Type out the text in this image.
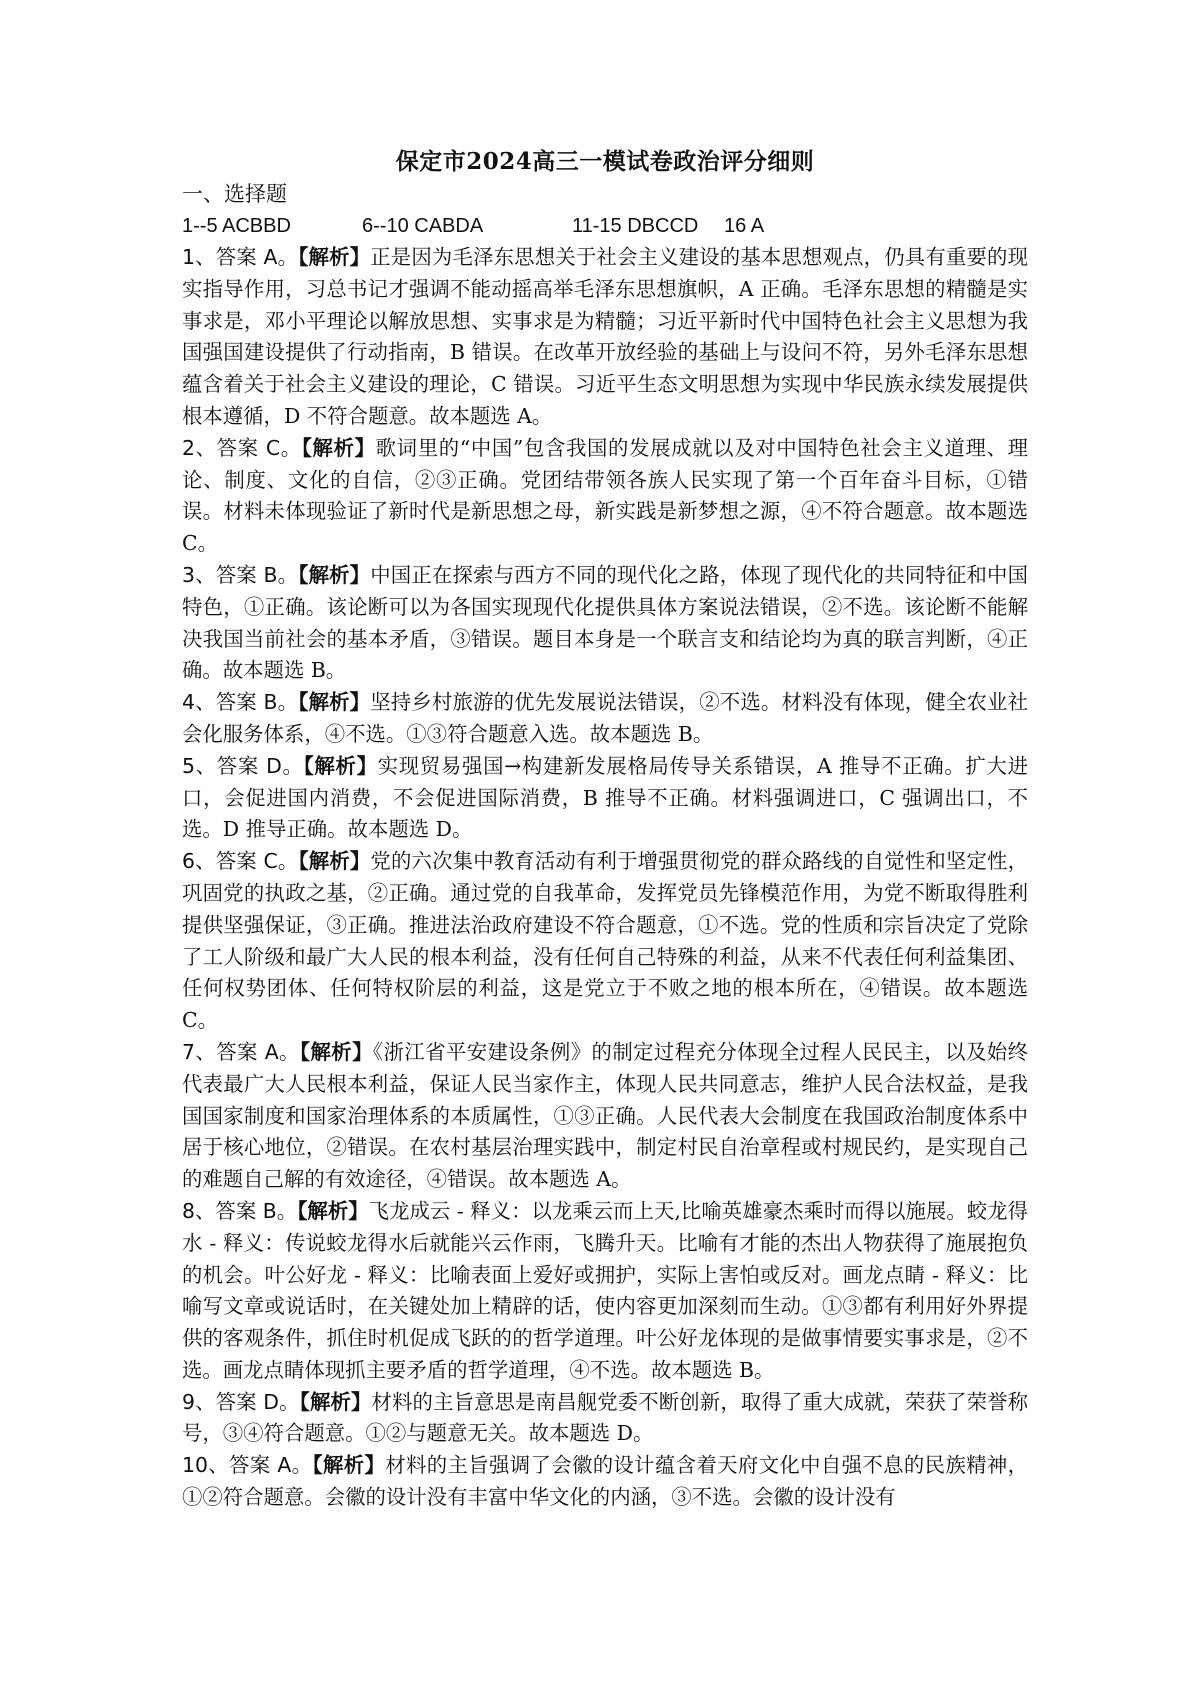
保定市2024高三一模试卷政治评分细则
一、选择题
1--5 ACBBD	6--10 CABDA	11-15 DBCCD	16 A
1、答案 A。【解析】正是因为毛泽东思想关于社会主义建设的基本思想观点，仍具有重要的现实指导作用，习总书记才强调不能动摇高举毛泽东思想旗帜，A 正确。毛泽东思想的精髓是实事求是，邓小平理论以解放思想、实事求是为精髓；习近平新时代中国特色社会主义思想为我国强国建设提供了行动指南，B 错误。在改革开放经验的基础上与设问不符，另外毛泽东思想蕴含着关于社会主义建设的理论，C 错误。习近平生态文明思想为实现中华民族永续发展提供根本遵循，D 不符合题意。故本题选 A。
2、答案 C。【解析】歌词里的“中国”包含我国的发展成就以及对中国特色社会主义道理、理论、制度、文化的自信，②③正确。党团结带领各族人民实现了第一个百年奋斗目标，①错误。材料未体现验证了新时代是新思想之母，新实践是新梦想之源，④不符合题意。故本题选 C。
3、答案 B。【解析】中国正在探索与西方不同的现代化之路，体现了现代化的共同特征和中国特色，①正确。该论断可以为各国实现现代化提供具体方案说法错误，②不选。该论断不能解决我国当前社会的基本矛盾，③错误。题目本身是一个联言支和结论均为真的联言判断，④正确。故本题选 B。
4、答案 B。【解析】坚持乡村旅游的优先发展说法错误，②不选。材料没有体现，健全农业社会化服务体系，④不选。①③符合题意入选。故本题选 B。
5、答案 D。【解析】实现贸易强国→构建新发展格局传导关系错误，A 推导不正确。扩大进口，会促进国内消费，不会促进国际消费，B 推导不正确。材料强调进口，C 强调出口，不选。D 推导正确。故本题选 D。
6、答案 C。【解析】党的六次集中教育活动有利于增强贯彻党的群众路线的自觉性和坚定性，巩固党的执政之基，②正确。通过党的自我革命，发挥党员先锋模范作用，为党不断取得胜利提供坚强保证，③正确。推进法治政府建设不符合题意，①不选。党的性质和宗旨决定了党除了工人阶级和最广大人民的根本利益，没有任何自己特殊的利益，从来不代表任何利益集团、任何权势团体、任何特权阶层的利益，这是党立于不败之地的根本所在，④错误。故本题选 C。
7、答案 A。【解析】《浙江省平安建设条例》的制定过程充分体现全过程人民民主，以及始终代表最广大人民根本利益，保证人民当家作主，体现人民共同意志，维护人民合法权益，是我国国家制度和国家治理体系的本质属性，①③正确。人民代表大会制度在我国政治制度体系中居于核心地位，②错误。在农村基层治理实践中，制定村民自治章程或村规民约，是实现自己的难题自己解的有效途径，④错误。故本题选 A。
8、答案 B。【解析】飞龙成云 - 释义：以龙乘云而上天,比喻英雄豪杰乘时而得以施展。蛟龙得水 - 释义：传说蛟龙得水后就能兴云作雨，飞腾升天。比喻有才能的杰出人物获得了施展抱负的机会。叶公好龙 - 释义：比喻表面上爱好或拥护，实际上害怕或反对。画龙点睛 - 释义：比喻写文章或说话时，在关键处加上精辟的话，使内容更加深刻而生动。①③都有利用好外界提供的客观条件，抓住时机促成飞跃的的哲学道理。叶公好龙体现的是做事情要实事求是，②不选。画龙点睛体现抓主要矛盾的哲学道理，④不选。故本题选 B。
9、答案 D。【解析】材料的主旨意思是南昌舰党委不断创新，取得了重大成就，荣获了荣誉称号，③④符合题意。①②与题意无关。故本题选 D。
10、答案 A。【解析】材料的主旨强调了会徽的设计蕴含着天府文化中自强不息的民族精神，①②符合题意。会徽的设计没有丰富中华文化的内涵，③不选。会徽的设计没有
